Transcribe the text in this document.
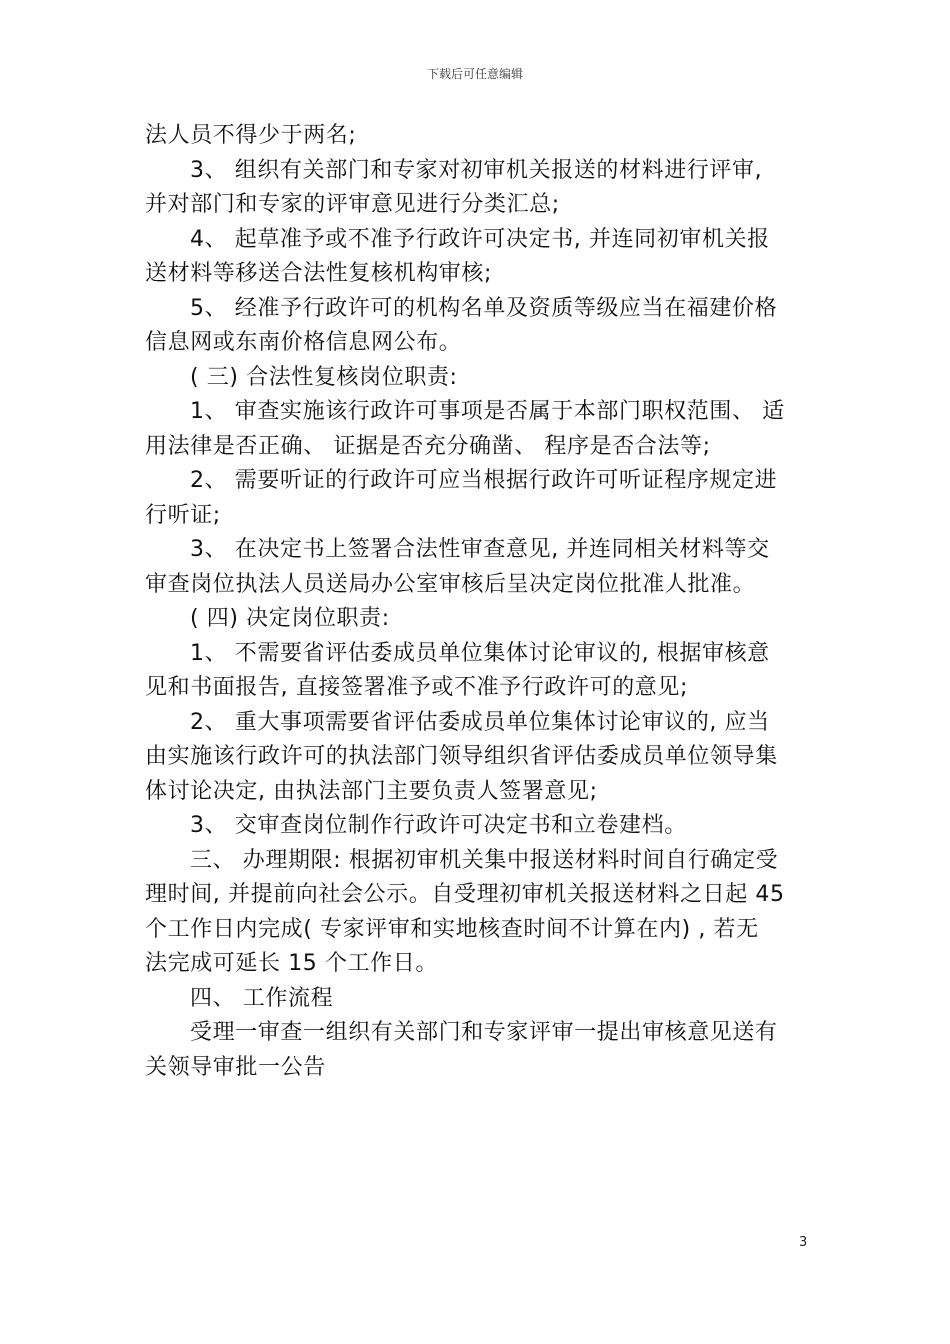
下载后可任意编辑
法人员不得少于两名;
3、 组织有关部门和专家对初审机关报送的材料进行评审,
并对部门和专家的评审意见进行分类汇总;
4、 起草准予或不准予行政许可决定书, 并连同初审机关报
送材料等移送合法性复核机构审核;
5、 经准予行政许可的机构名单及资质等级应当在福建价格
信息网或东南价格信息网公布。
( 三) 合法性复核岗位职责:
1、 审查实施该行政许可事项是否属于本部门职权范围、 适
用法律是否正确、 证据是否充分确凿、 程序是否合法等;
2、 需要听证的行政许可应当根据行政许可听证程序规定进
行听证;
3、 在决定书上签署合法性审查意见, 并连同相关材料等交
审查岗位执法人员送局办公室审核后呈决定岗位批准人批准。
( 四) 决定岗位职责:
1、 不需要省评估委成员单位集体讨论审议的, 根据审核意
见和书面报告, 直接签署准予或不准予行政许可的意见;
2、 重大事项需要省评估委成员单位集体讨论审议的, 应当
由实施该行政许可的执法部门领导组织省评估委成员单位领导集
体讨论决定, 由执法部门主要负责人签署意见;
3、 交审查岗位制作行政许可决定书和立卷建档。
三、 办理期限: 根据初审机关集中报送材料时间自行确定受
理时间, 并提前向社会公示。自受理初审机关报送材料之日起 45
个工作日内完成( 专家评审和实地核查时间不计算在内) , 若无
法完成可延长 15 个工作日。
四、 工作流程
受理一审查一组织有关部门和专家评审一提出审核意见送有
关领导审批一公告
3
